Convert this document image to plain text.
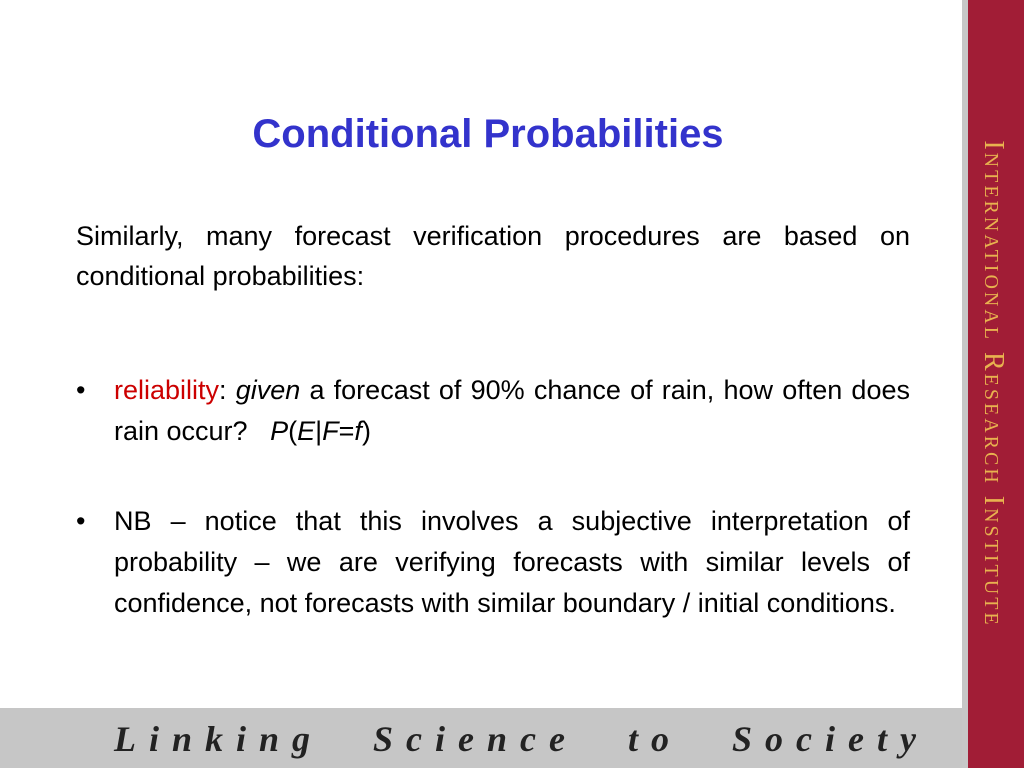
Conditional Probabilities
Similarly, many forecast verification procedures are based on conditional probabilities:
•	reliability: given a forecast of 90% chance of rain, how often does rain occur? P(E|F=f)
•	NB – notice that this involves a subjective interpretation of probability – we are verifying forecasts with similar levels of confidence, not forecasts with similar boundary / initial conditions.
Linking Science to Society
International Research Institute
